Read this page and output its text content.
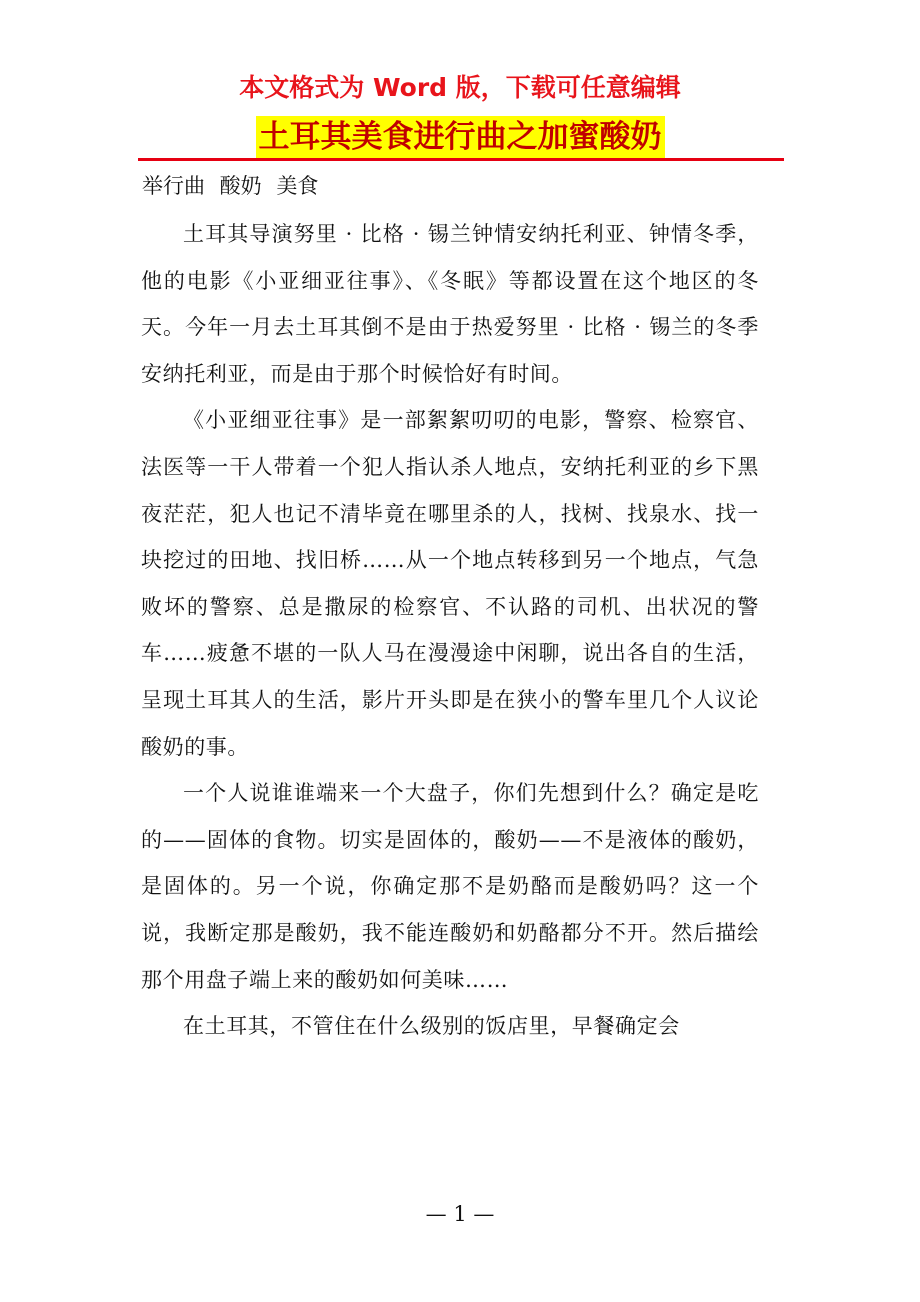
本文格式为 Word 版，下载可任意编辑
土耳其美食进行曲之加蜜酸奶
举行曲 酸奶 美食

土耳其导演努里 · 比格 · 锡兰钟情安纳托利亚、钟情冬季，他的电影《小亚细亚往事》、《冬眠》等都设置在这个地区的冬天。今年一月去土耳其倒不是由于热爱努里 · 比格 · 锡兰的冬季安纳托利亚，而是由于那个时候恰好有时间。

《小亚细亚往事》是一部絮絮叨叨的电影，警察、检察官、法医等一干人带着一个犯人指认杀人地点，安纳托利亚的乡下黑夜茫茫，犯人也记不清毕竟在哪里杀的人，找树、找泉水、找一块挖过的田地、找旧桥……从一个地点转移到另一个地点，气急败坏的警察、总是撒尿的检察官、不认路的司机、出状况的警车……疲惫不堪的一队人马在漫漫途中闲聊，说出各自的生活，呈现土耳其人的生活，影片开头即是在狭小的警车里几个人议论酸奶的事。

一个人说谁谁端来一个大盘子，你们先想到什么？确定是吃的——固体的食物。切实是固体的，酸奶——不是液体的酸奶，是固体的。另一个说，你确定那不是奶酪而是酸奶吗？这一个说，我断定那是酸奶，我不能连酸奶和奶酪都分不开。然后描绘那个用盘子端上来的酸奶如何美味……

在土耳其，不管住在什么级别的饭店里，早餐确定会

— 1 —
